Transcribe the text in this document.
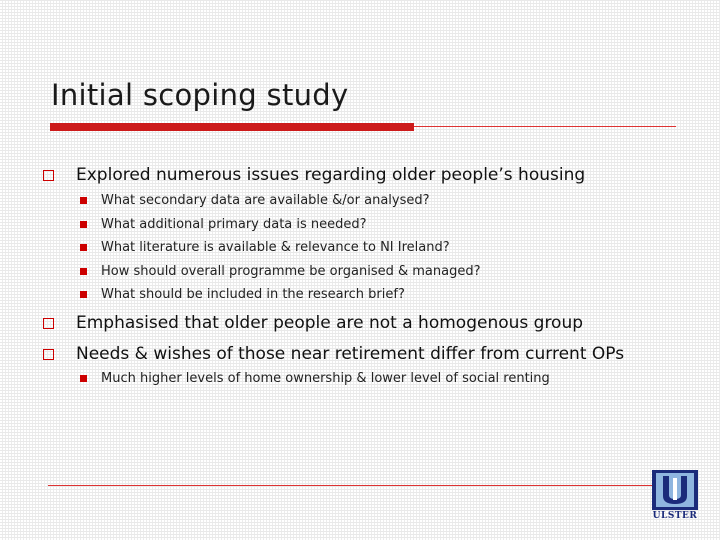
Initial scoping study
Explored numerous issues regarding older people’s housing
What secondary data are available &/or analysed?
What additional primary data is needed?
What literature is available & relevance to NI Ireland?
How should overall programme be organised & managed?
What should be included in the research brief?
Emphasised that older people are not a homogenous group
Needs & wishes of those near retirement differ from current OPs
Much higher levels of home ownership & lower level of social renting
ULSTER
